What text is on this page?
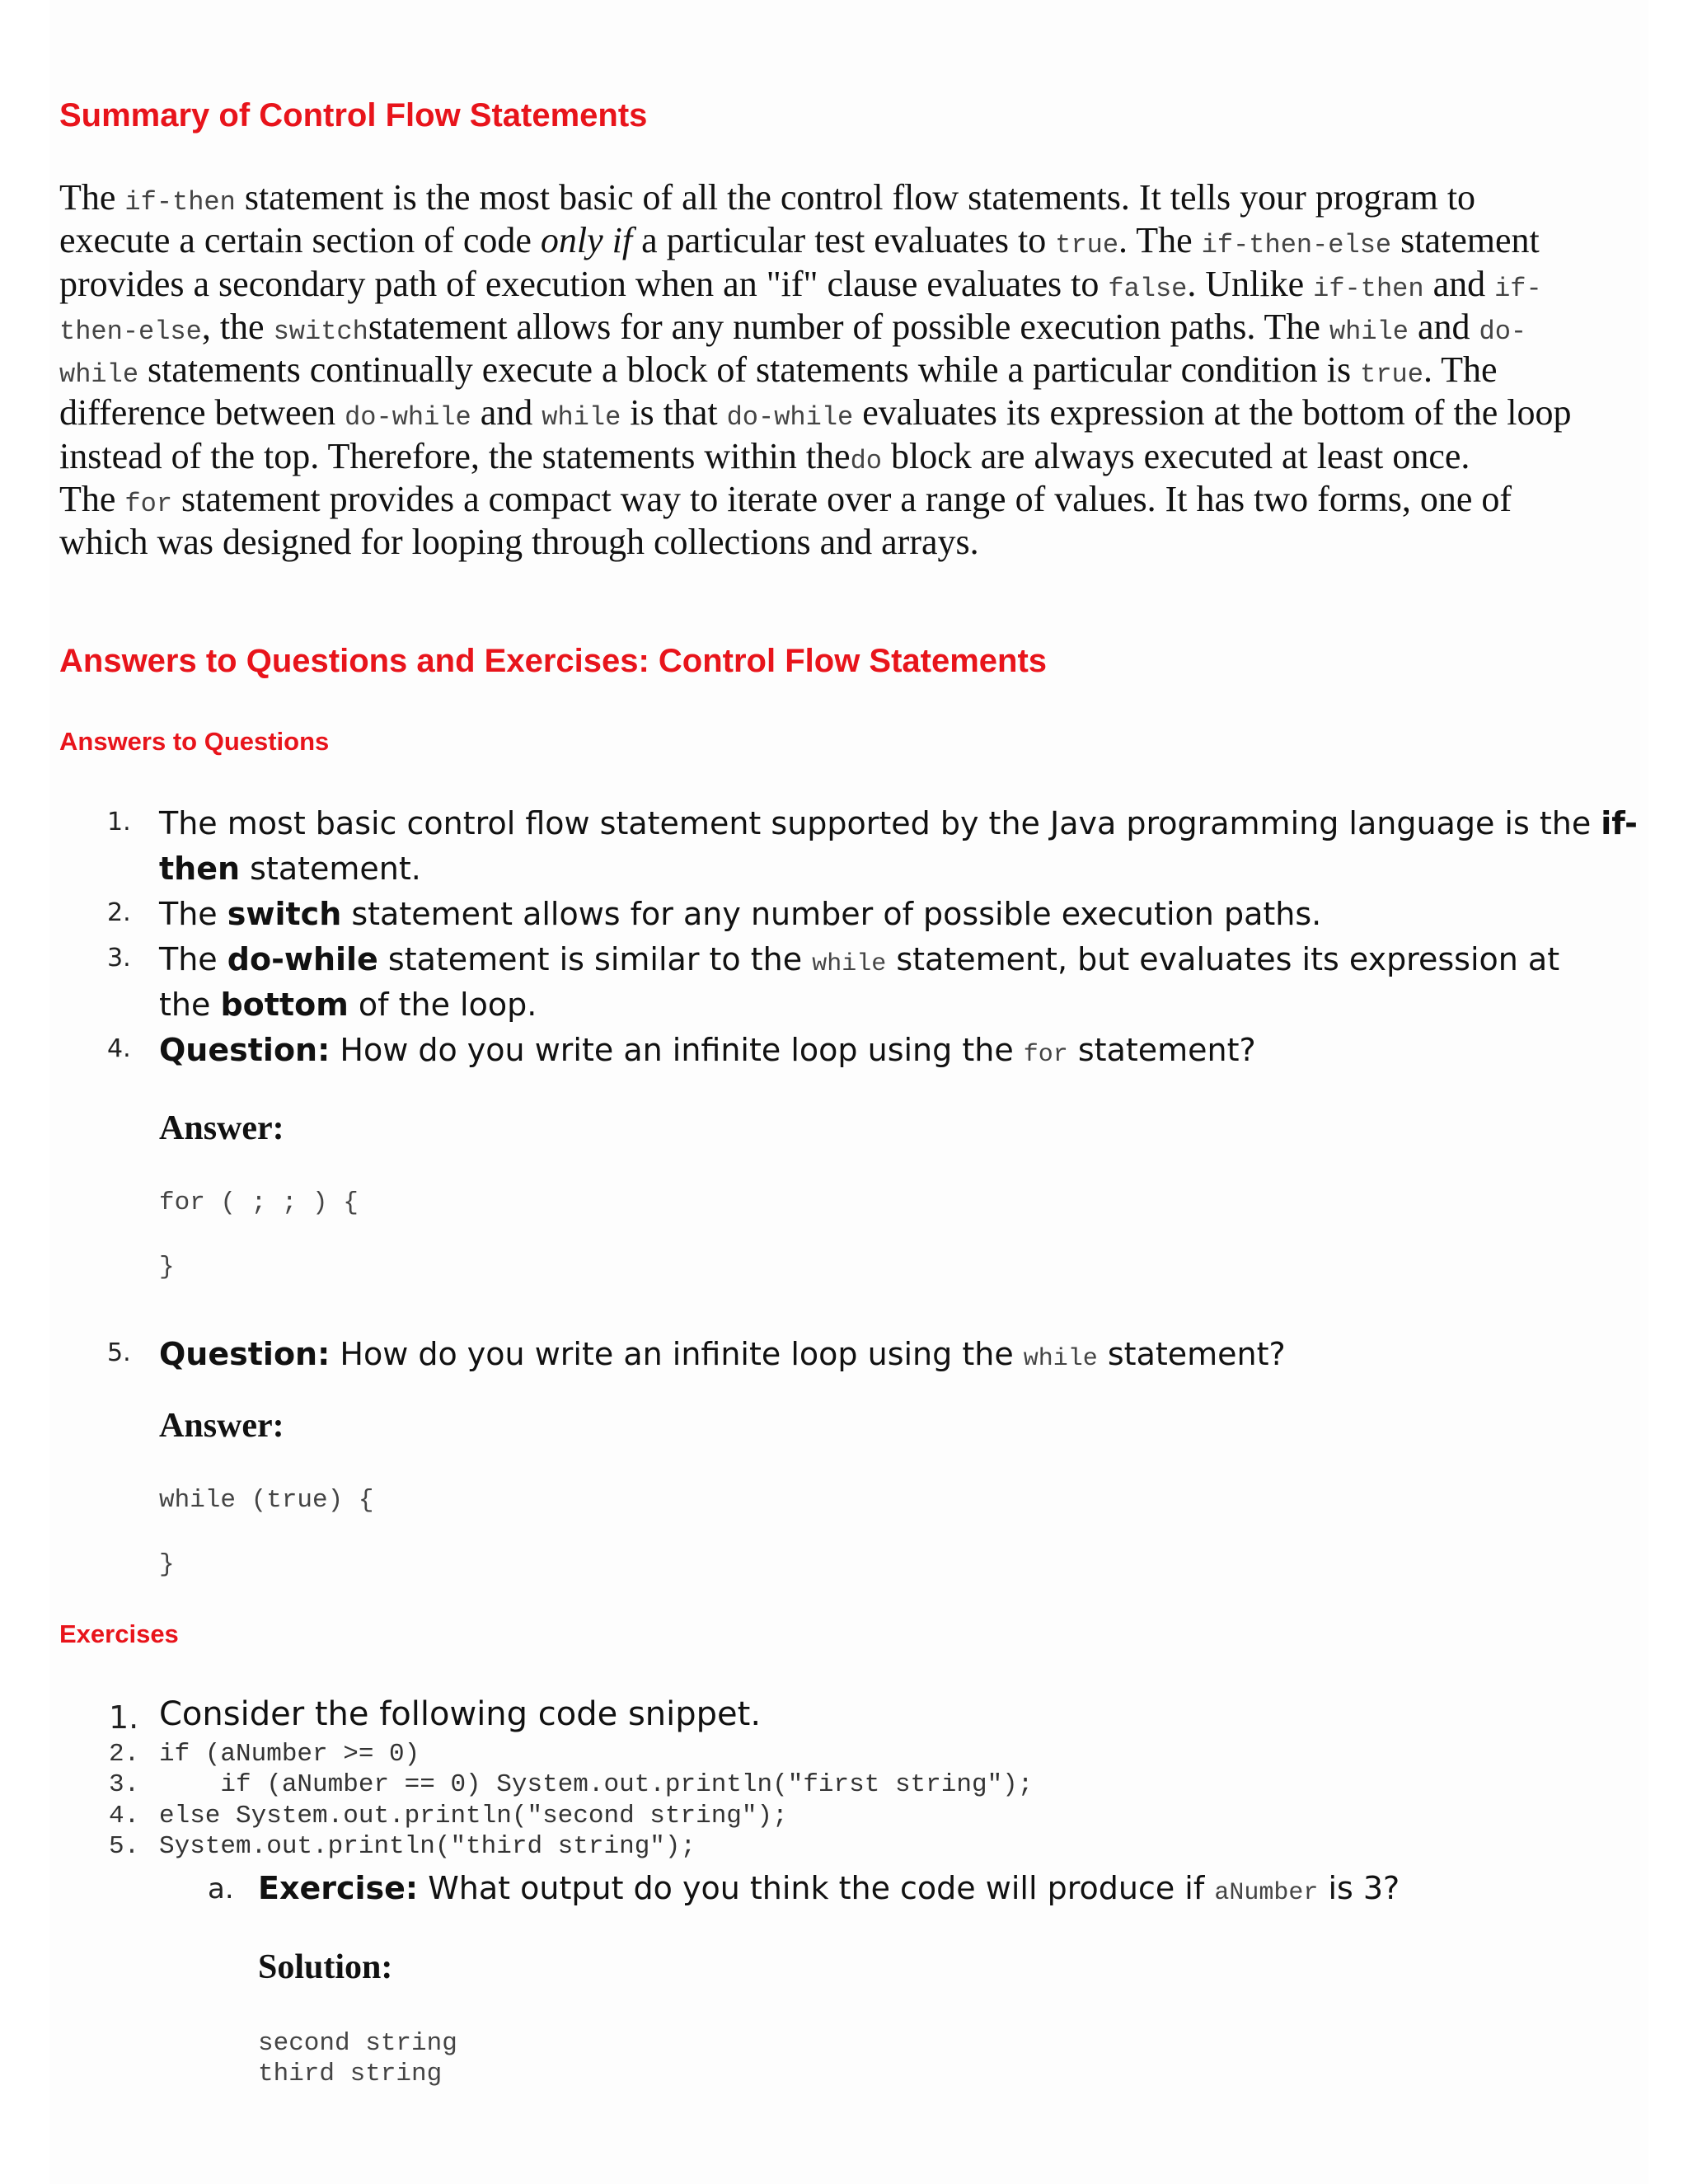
Summary of Control Flow Statements
The if-then statement is the most basic of all the control flow statements. It tells your program to
execute a certain section of code only if a particular test evaluates to true. The if-then-else statement
provides a secondary path of execution when an "if" clause evaluates to false. Unlike if-then and if-
then-else, the switchstatement allows for any number of possible execution paths. The while and do-
while statements continually execute a block of statements while a particular condition is true. The
difference between do-while and while is that do-while evaluates its expression at the bottom of the loop
instead of the top. Therefore, the statements within thedo block are always executed at least once.
The for statement provides a compact way to iterate over a range of values. It has two forms, one of
which was designed for looping through collections and arrays.
Answers to Questions and Exercises: Control Flow Statements
Answers to Questions
1. The most basic control flow statement supported by the Java programming language is the if-
then statement.
2. The switch statement allows for any number of possible execution paths.
3. The do-while statement is similar to the while statement, but evaluates its expression at
the bottom of the loop.
4. Question: How do you write an infinite loop using the for statement?
Answer:
for ( ; ; ) {
}
5. Question: How do you write an infinite loop using the while statement?
Answer:
while (true) {
}
Exercises
1. Consider the following code snippet.
2. if (aNumber >= 0)
3. if (aNumber == 0) System.out.println("first string");
4. else System.out.println("second string");
5. System.out.println("third string");
a. Exercise: What output do you think the code will produce if aNumber is 3?
Solution:
second string
third string
